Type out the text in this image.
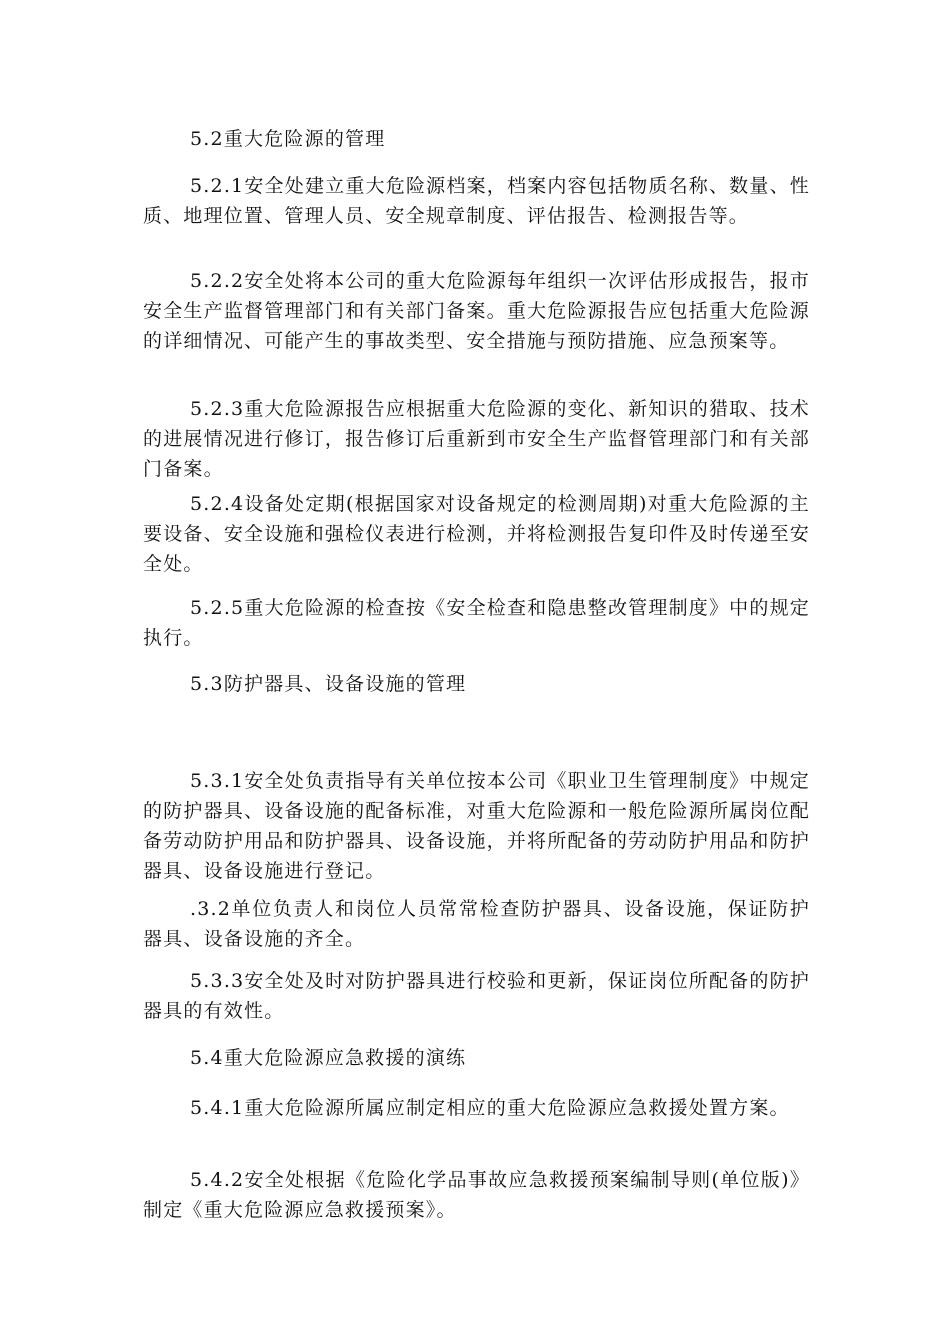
5.2重大危险源的管理

5.2.1安全处建立重大危险源档案，档案内容包括物质名称、数量、性质、地理位置、管理人员、安全规章制度、评估报告、检测报告等。

5.2.2安全处将本公司的重大危险源每年组织一次评估形成报告，报市安全生产监督管理部门和有关部门备案。重大危险源报告应包括重大危险源的详细情况、可能产生的事故类型、安全措施与预防措施、应急预案等。

5.2.3重大危险源报告应根据重大危险源的变化、新知识的猎取、技术的进展情况进行修订，报告修订后重新到市安全生产监督管理部门和有关部门备案。

5.2.4设备处定期(根据国家对设备规定的检测周期)对重大危险源的主要设备、安全设施和强检仪表进行检测，并将检测报告复印件及时传递至安全处。

5.2.5重大危险源的检查按《安全检查和隐患整改管理制度》中的规定执行。

5.3防护器具、设备设施的管理

5.3.1安全处负责指导有关单位按本公司《职业卫生管理制度》中规定的防护器具、设备设施的配备标准，对重大危险源和一般危险源所属岗位配备劳动防护用品和防护器具、设备设施，并将所配备的劳动防护用品和防护器具、设备设施进行登记。

.3.2单位负责人和岗位人员常常检查防护器具、设备设施，保证防护器具、设备设施的齐全。

5.3.3安全处及时对防护器具进行校验和更新，保证岗位所配备的防护器具的有效性。

5.4重大危险源应急救援的演练

5.4.1重大危险源所属应制定相应的重大危险源应急救援处置方案。

5.4.2安全处根据《危险化学品事故应急救援预案编制导则(单位版)》制定《重大危险源应急救援预案》。
